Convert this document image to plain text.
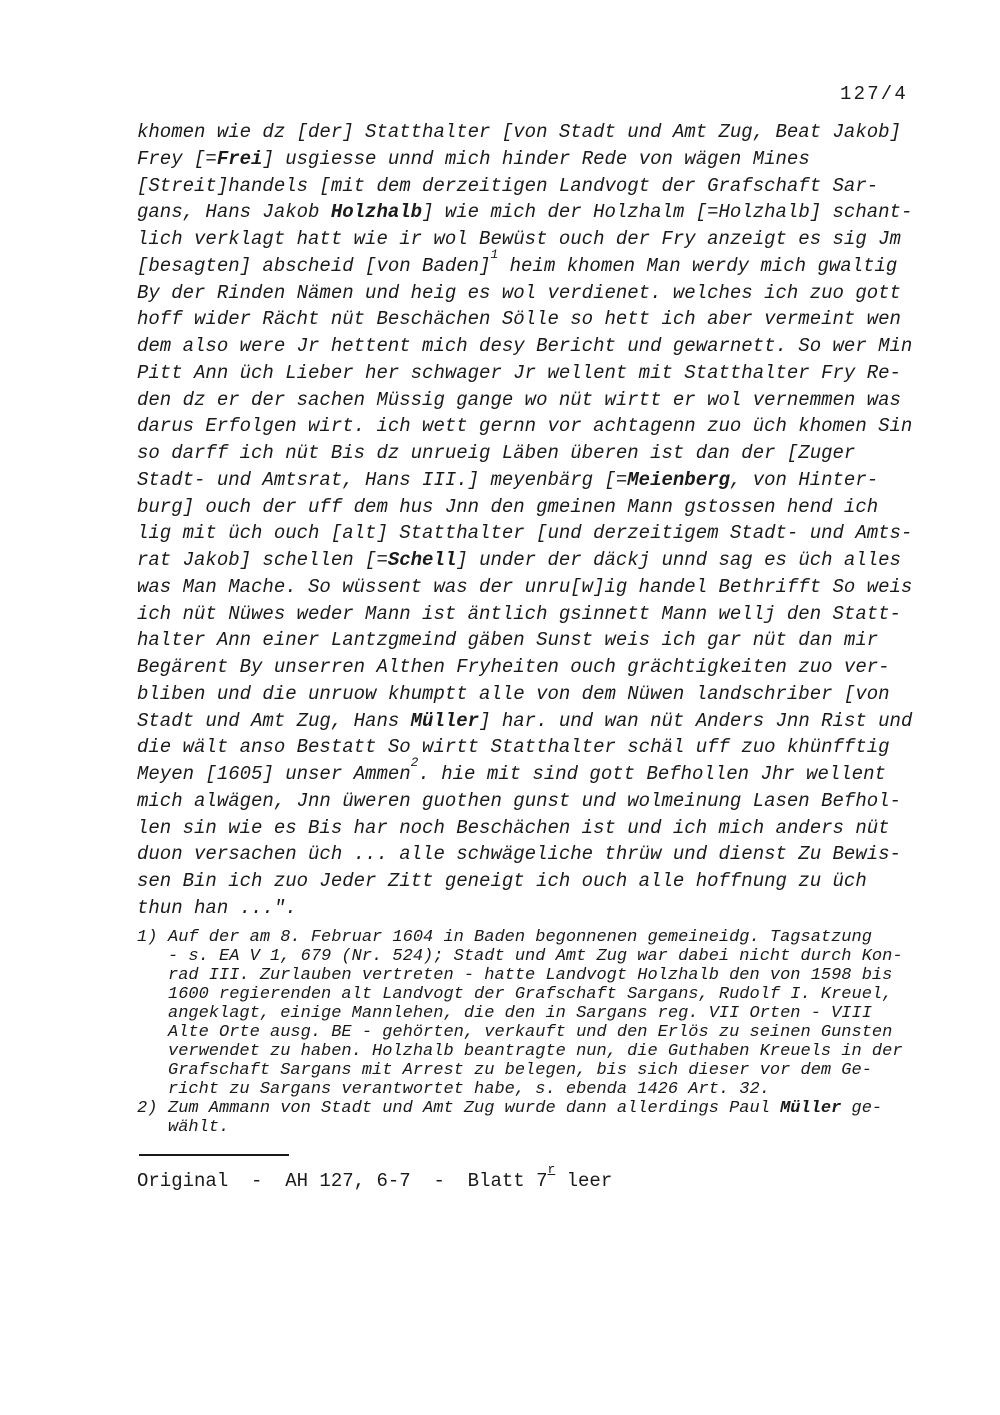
127/4
khomen wie dz [der] Statthalter [von Stadt und Amt Zug, Beat Jakob]
Frey [=Frei] usgiesse unnd mich hinder Rede von wägen Mines
[Streit]handels [mit dem derzeitigen Landvogt der Grafschaft Sar-
gans, Hans Jakob Holzhalb] wie mich der Holzhalm [=Holzhalb] schant-
lich verklagt hatt wie ir wol Bewüst ouch der Fry anzeigt es sig Jm
[besagten] abscheid [von Baden]$^1$ heim khomen Man werdy mich gwaltig
By der Rinden Nämen und heig es wol verdienet. welches ich zuo gott
hoff wider Rächt nüt Beschächen Sölle so hett ich aber vermeint wen
dem also were Jr hettent mich desy Bericht und gewarnett. So wer Min
Pitt Ann üch Lieber her schwager Jr wellent mit Statthalter Fry Re-
den dz er der sachen Müssig gange wo nüt wirtt er wol vernemmen was
darus Erfolgen wirt. ich wett gernn vor achtagenn zuo üch khomen Sin
so darff ich nüt Bis dz unrueig Läben überen ist dan der [Zuger
Stadt- und Amtsrat, Hans III.] meyenbärg [=Meienberg, von Hinter-
burg] ouch der uff dem hus Jnn den gmeinen Mann gstossen hend ich
lig mit üch ouch [alt] Statthalter [und derzeitigem Stadt- und Amts-
rat Jakob] schellen [=Schell] under der däckj unnd sag es üch alles
was Man Mache. So wüssent was der unru[w]ig handel Bethrifft So weis
ich nüt Nüwes weder Mann ist äntlich gsinnett Mann wellj den Statt-
halter Ann einer Lantzgmeind gäben Sunst weis ich gar nüt dan mir
Begärent By unserren Althen Fryheiten ouch grächtigkeiten zuo ver-
bliben und die unruow khumptt alle von dem Nüwen landschriber [von
Stadt und Amt Zug, Hans Müller] har. und wan nüt Anders Jnn Rist und
die wält anso Bestatt So wirtt Statthalter schäl uff zuo khünfftig
Meyen [1605] unser Ammen$^2$. hie mit sind gott Befhollen Jhr wellent
mich alwägen, Jnn üweren guothen gunst und wolmeinung Lasen Befhol-
len sin wie es Bis har noch Beschächen ist und ich mich anders nüt
duon versachen üch ... alle schwägeliche thrüw und dienst Zu Bewis-
sen Bin ich zuo Jeder Zitt geneigt ich ouch alle hoffnung zu üch
thun han ...".
1) Auf der am 8. Februar 1604 in Baden begonnenen gemeineidg. Tagsatzung
- s. EA V 1, 679 (Nr. 524); Stadt und Amt Zug war dabei nicht durch Kon-
rad III. Zurlauben vertreten - hatte Landvogt Holzhalb den von 1598 bis
1600 regierenden alt Landvogt der Grafschaft Sargans, Rudolf I. Kreuel,
angeklagt, einige Mannlehen, die den in Sargans reg. VII Orten - VIII
Alte Orte ausg. BE - gehörten, verkauft und den Erlös zu seinen Gunsten
verwendet zu haben. Holzhalb beantragte nun, die Guthaben Kreuels in der
Grafschaft Sargans mit Arrest zu belegen, bis sich dieser vor dem Ge-
richt zu Sargans verantwortet habe, s. ebenda 1426 Art. 32.
2) Zum Ammann von Stadt und Amt Zug wurde dann allerdings Paul Müller ge-
wählt.
Original  -  AH 127, 6-7  -  Blatt 7$^r$ leer
